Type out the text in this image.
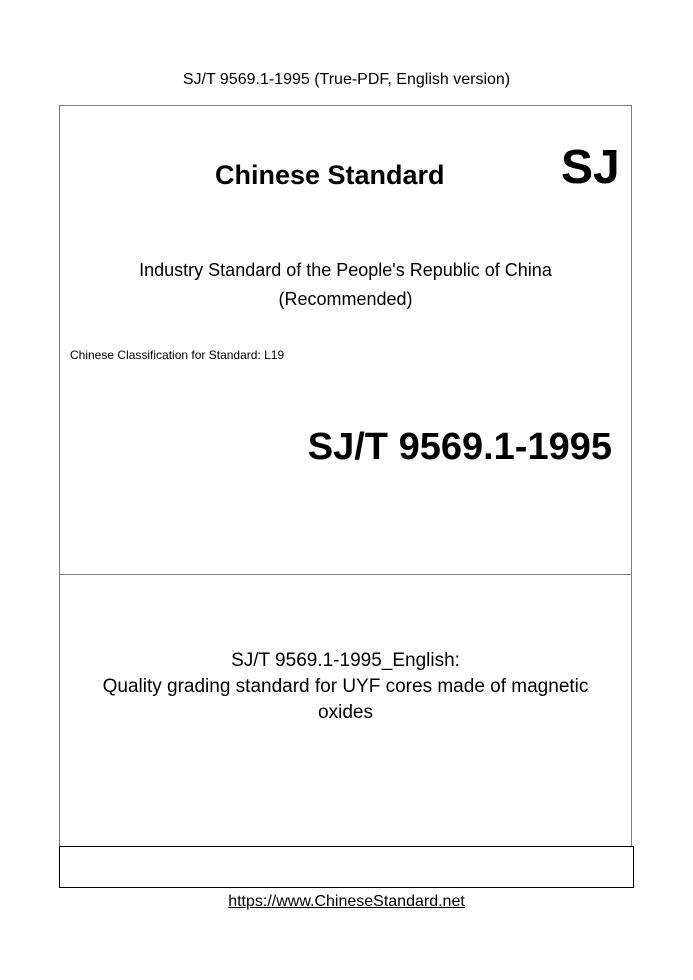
SJ/T 9569.1-1995 (True-PDF, English version)
Chinese Standard SJ
Industry Standard of the People's Republic of China
(Recommended)
Chinese Classification for Standard: L19
SJ/T 9569.1-1995
SJ/T 9569.1-1995_English:
Quality grading standard for UYF cores made of magnetic
oxides
https://www.ChineseStandard.net
